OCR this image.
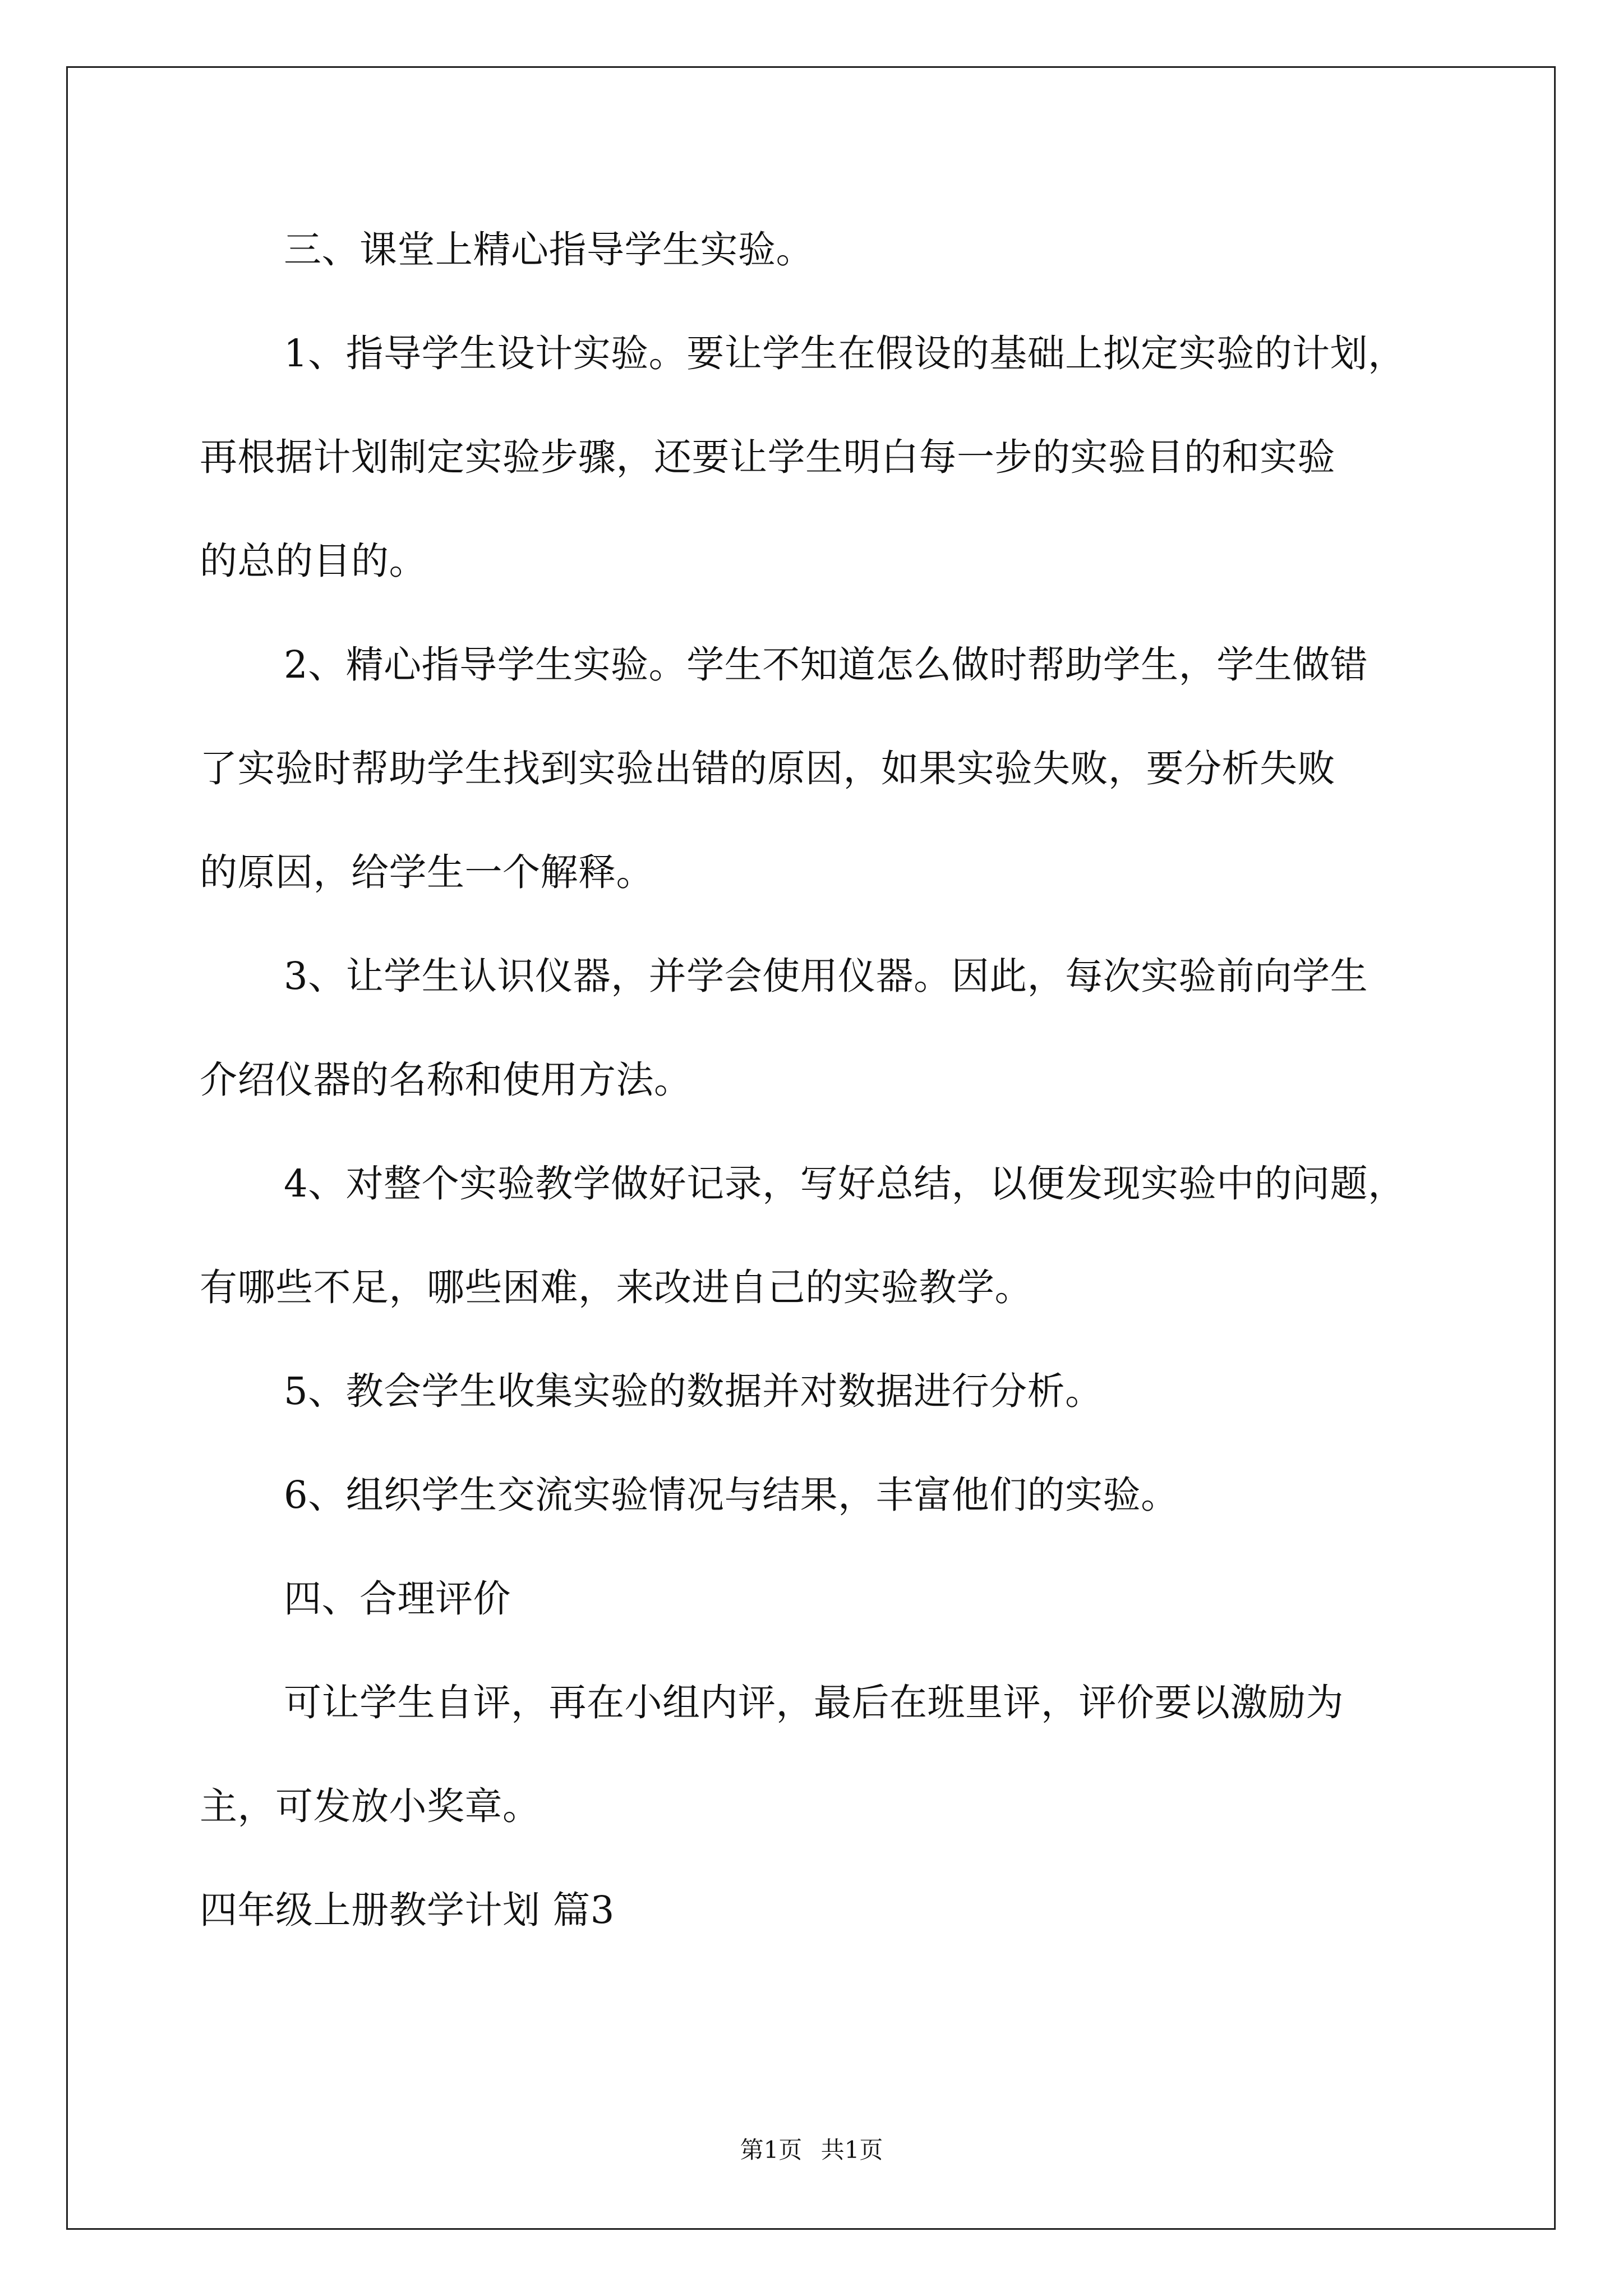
三、课堂上精心指导学生实验。
1、指导学生设计实验。要让学生在假设的基础上拟定实验的计划，
再根据计划制定实验步骤，还要让学生明白每一步的实验目的和实验
的总的目的。
2、精心指导学生实验。学生不知道怎么做时帮助学生，学生做错
了实验时帮助学生找到实验出错的原因，如果实验失败，要分析失败
的原因，给学生一个解释。
3、让学生认识仪器，并学会使用仪器。因此，每次实验前向学生
介绍仪器的名称和使用方法。
4、对整个实验教学做好记录，写好总结，以便发现实验中的问题，
有哪些不足，哪些困难，来改进自己的实验教学。
5、教会学生收集实验的数据并对数据进行分析。
6、组织学生交流实验情况与结果，丰富他们的实验。
四、合理评价
可让学生自评，再在小组内评，最后在班里评，评价要以激励为
主，可发放小奖章。
四年级上册教学计划 篇3
第1页 共1页
